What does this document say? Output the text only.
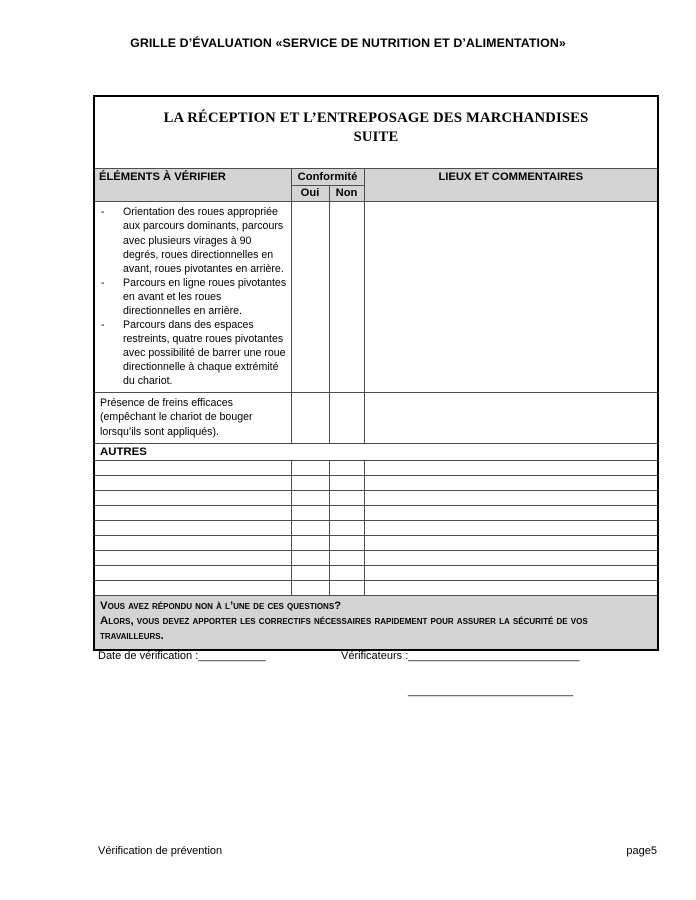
GRILLE D’ÉVALUATION «SERVICE DE NUTRITION ET D’ALIMENTATION»
LA RÉCEPTION ET L’ENTREPOSAGE DES MARCHANDISES
SUITE			

ÉLÉMENTS À VÉRIFIER	Conformité		LIEUX ET COMMENTAIRES
	Oui	Non	

- Orientation des roues appropriée aux parcours dominants, parcours avec plusieurs virages à 90 degrés, roues directionnelles en avant, roues pivotantes en arrière.
- Parcours en ligne roues pivotantes en avant et les roues directionnelles en arrière.
- Parcours dans des espaces restreints, quatre roues pivotantes avec possibilité de barrer une roue directionnelle à chaque extrémité du chariot.

Présence de freins efficaces (empêchant le chariot de bouger lorsqu’ils sont appliqués).			
AUTRES			

Vous avez répondu non à l’une de ces questions?
Alors, vous devez apporter les correctifs nécessaires rapidement pour assurer la sécurité de vos travailleurs.			
Date de vérification :___________	Vérificateurs :____________________________
___________________________
Vérification de prévention	page5
